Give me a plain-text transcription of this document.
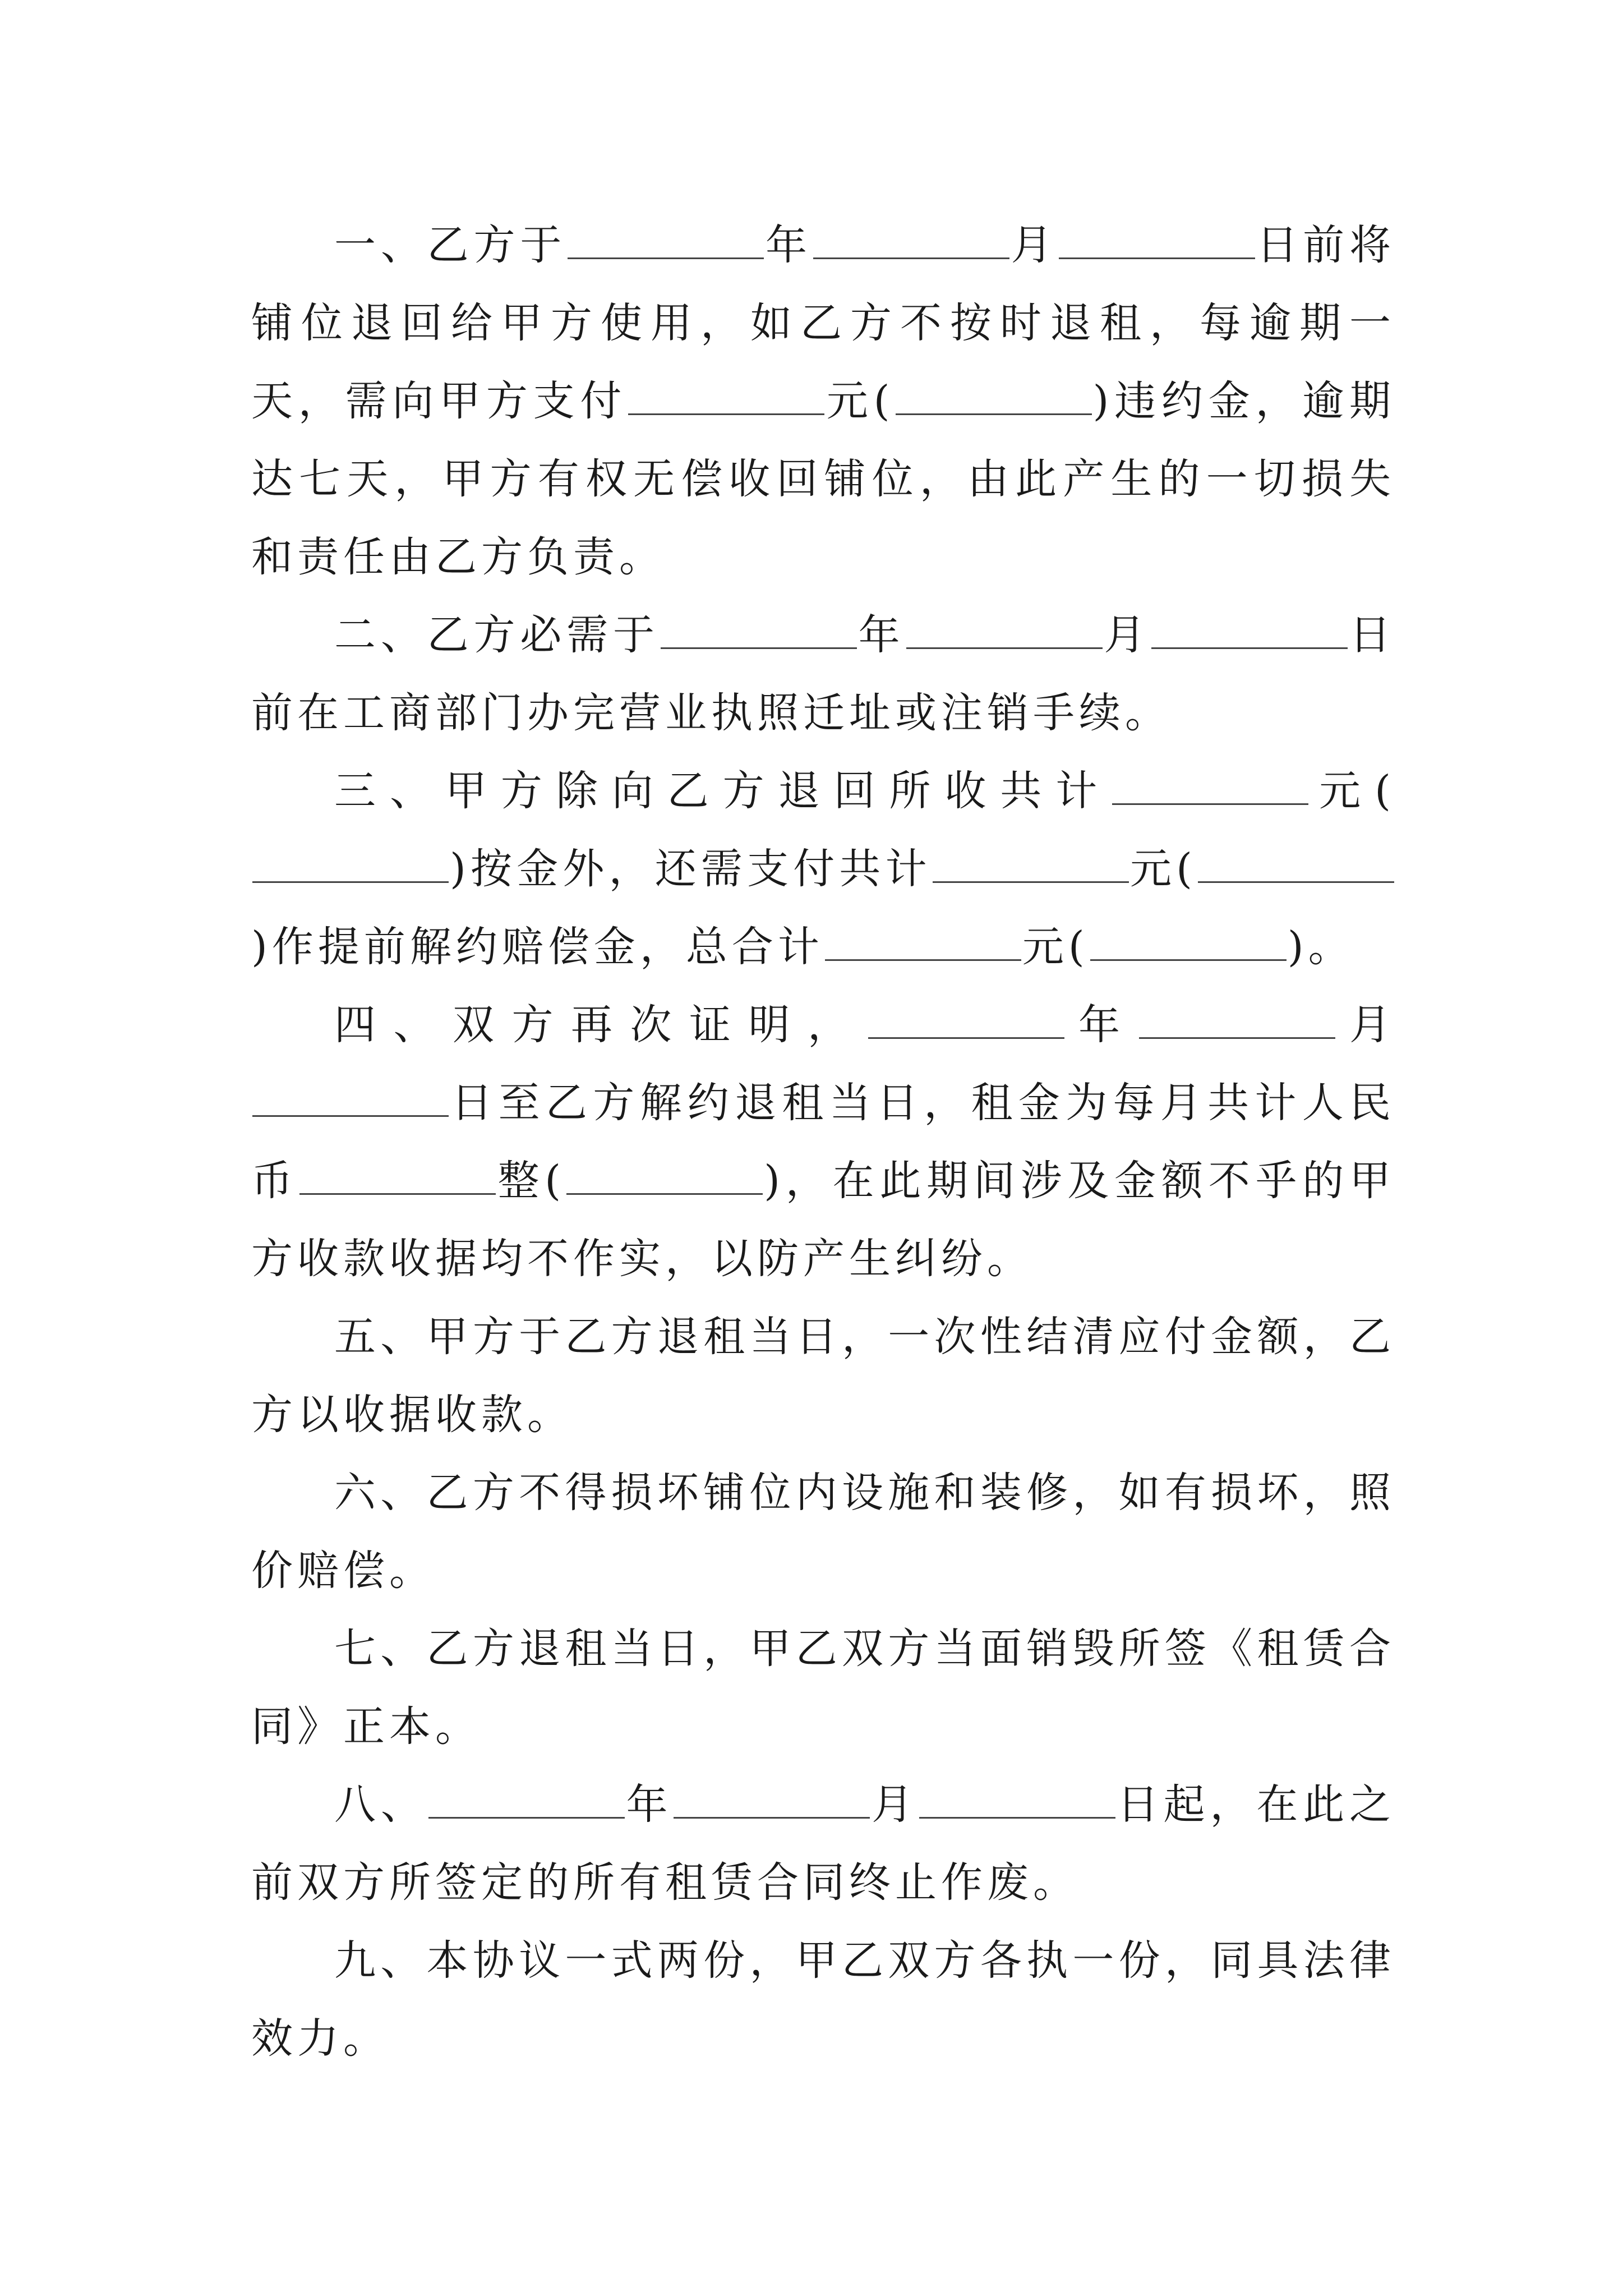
一、乙方于	年	月	日前将铺位退回给甲方使用，如乙方不按时退租，每逾期一天，需向甲方支付	元(	)违约金，逾期达七天，甲方有权无偿收回铺位，由此产生的一切损失和责任由乙方负责。

二、乙方必需于	年	月	日前在工商部门办完营业执照迁址或注销手续。

三、甲方除向乙方退回所收共计	元()按金外，还需支付共计	元()作提前解约赔偿金，总合计	元(	)。

四、双方再次证明，	年	月日至乙方解约退租当日，租金为每月共计人民币	整(	)，在此期间涉及金额不乎的甲方收款收据均不作实，以防产生纠纷。

五、甲方于乙方退租当日，一次性结清应付金额，乙方以收据收款。

六、乙方不得损坏铺位内设施和装修，如有损坏，照价赔偿。

七、乙方退租当日，甲乙双方当面销毁所签《租赁合同》正本。

八、	年	月	日起，在此之前双方所签定的所有租赁合同终止作废。

九、本协议一式两份，甲乙双方各执一份，同具法律效力。
